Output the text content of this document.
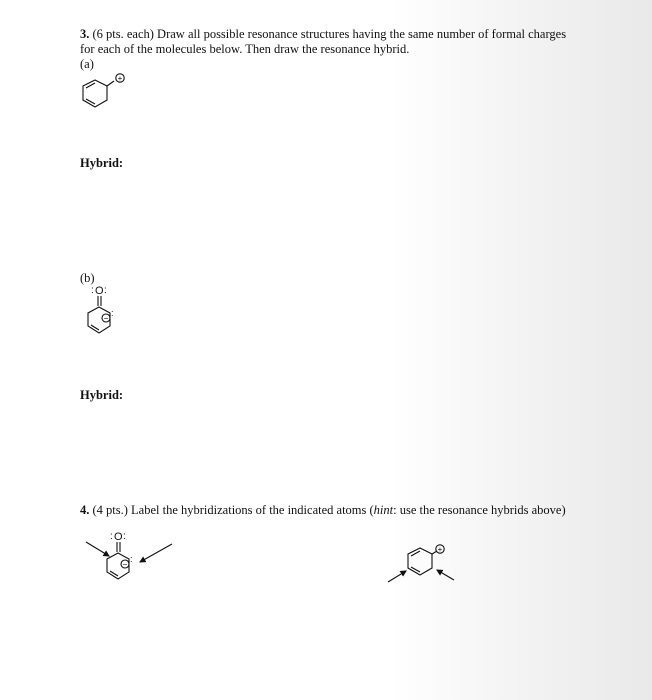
3. (6 pts. each) Draw all possible resonance structures having the same number of formal charges
for each of the molecules below. Then draw the resonance hybrid.
(a)
+
Hybrid:
(b)
: O :
−
:
Hybrid:
4. (4 pts.) Label the hybridizations of the indicated atoms (hint: use the resonance hybrids above)
: O :
−
:
+
